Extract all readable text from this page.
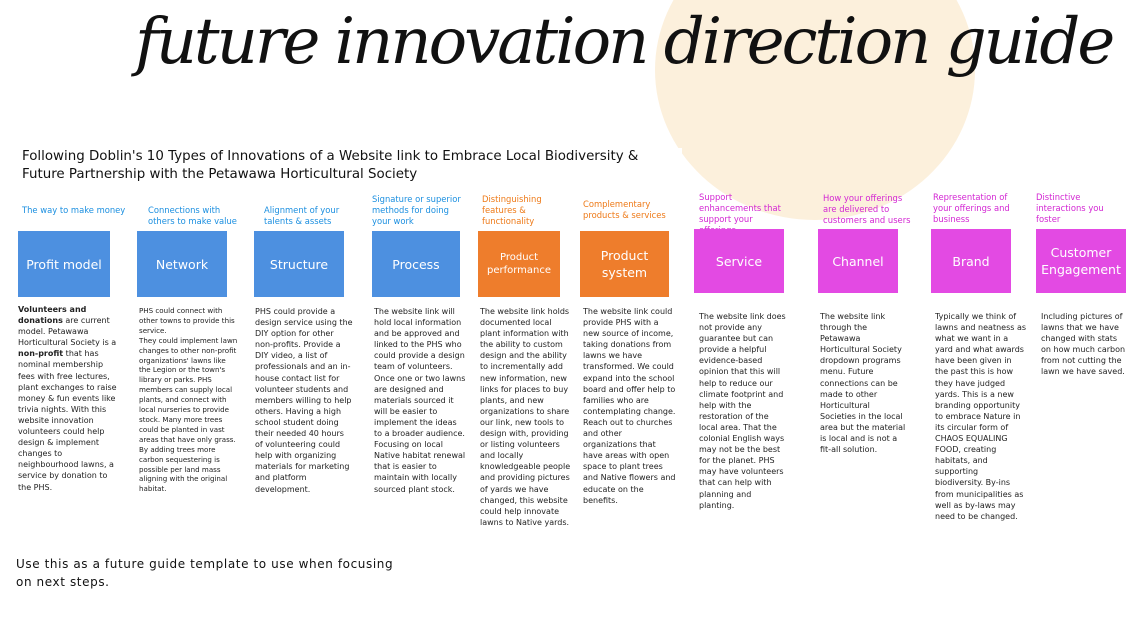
future innovation direction guide
Following Doblin's 10 Types of Innovations of a Website link to Embrace Local Biodiversity & Future Partnership with the Petawawa Horticultural Society
The way to make money
Profit model
Volunteers and donations are current model. Petawawa Horticultural Society is a non-profit that has nominal membership fees with free lectures, plant exchanges to raise money & fun events like trivia nights. With this website innovation volunteers could help design & implement changes to neighbourhood lawns, a service by donation to the PHS.
Connections with others to make value
Network
PHS could connect with other towns to provide this service.
They could implement lawn changes to other non-profit organizations' lawns like the Legion or the town's library or parks. PHS members can supply local plants, and connect with local nurseries to provide stock. Many more trees could be planted in vast areas that have only grass. By adding trees more carbon sequestering is possible per land mass aligning with the original habitat.
Alignment of your talents & assets
Structure
PHS could provide a design service using the DIY option for other non-profits. Provide a DIY video, a list of professionals and an in-house contact list for volunteer students and members willing to help others. Having a high school student doing their needed 40 hours of volunteering could help with organizing materials for marketing and platform development.
Signature or superior methods for doing your work
Process
The website link will hold local information and be approved and linked to the PHS who could provide a design team of volunteers. Once one or two lawns are designed and materials sourced it will be easier to implement the ideas to a broader audience. Focusing on local Native habitat renewal that is easier to maintain with locally sourced plant stock.
Distinguishing features & functionality
Product performance
The website link holds documented local plant information with the ability to custom design and the ability to incrementally add new information, new links for places to buy plants, and new organizations to share our link, new tools to design with, providing or listing volunteers and locally knowledgeable people and providing pictures of yards we have changed, this website could help innovate lawns to Native yards.
Complementary products & services
Product system
The website link could provide PHS with a new source of income, taking donations from lawns we have transformed. We could expand into the school board and offer help to families who are contemplating change. Reach out to churches and other organizations that have areas with open space to plant trees and Native flowers and educate on the benefits.
Support enhancements that support your
Service
The website link does not provide any guarantee but can provide a helpful evidence-based opinion that this will help to reduce our climate footprint and help with the restoration of the local area. That the colonial English ways may not be the best for the planet. PHS may have volunteers that can help with planning and planting.
How your offerings are delivered to customers and users
Channel
The website link through the Petawawa Horticultural Society dropdown programs menu. Future connections can be made to other Horticultural Societies in the local area but the material is local and is not a fit-all solution.
Representation of your offerings and business
Brand
Typically we think of lawns and neatness as what we want in a yard and what awards have been given in the past this is how they have judged yards. This is a new branding opportunity to embrace Nature in its circular form of CHAOS EQUALING FOOD, creating habitats, and supporting biodiversity. By-ins from municipalities as well as by-laws may need to be changed.
Distinctive interactions you foster
Customer Engagement
Including pictures of lawns that we have changed with stats on how much carbon from not cutting the lawn we have saved.
Use this as a future guide template to use when focusing on next steps.
